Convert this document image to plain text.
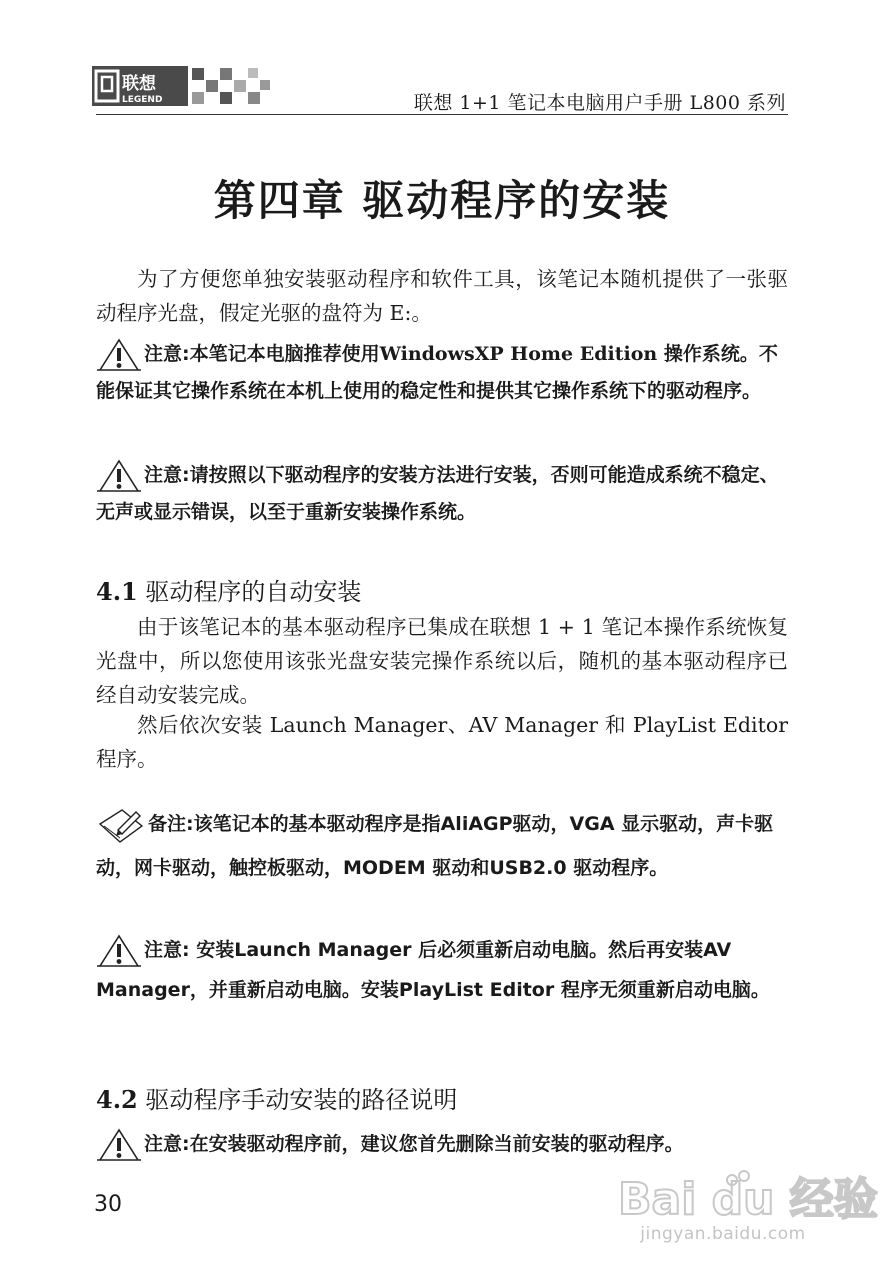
联想
LEGEND	联想 1+1 笔记本电脑用户手册 L800 系列
第四章 驱动程序的安装
为了方便您单独安装驱动程序和软件工具，该笔记本随机提供了一张驱动程序光盘，假定光驱的盘符为 E:。
注意:本笔记本电脑推荐使用WindowsXP Home Edition 操作系统。不能保证其它操作系统在本机上使用的稳定性和提供其它操作系统下的驱动程序。
注意:请按照以下驱动程序的安装方法进行安装，否则可能造成系统不稳定、无声或显示错误，以至于重新安装操作系统。
4.1 驱动程序的自动安装
由于该笔记本的基本驱动程序已集成在联想 1 + 1 笔记本操作系统恢复光盘中，所以您使用该张光盘安装完操作系统以后，随机的基本驱动程序已经自动安装完成。
然后依次安装 Launch Manager、AV Manager 和 PlayList Editor 程序。
备注:该笔记本的基本驱动程序是指AliAGP驱动，VGA 显示驱动，声卡驱动，网卡驱动，触控板驱动，MODEM 驱动和USB2.0 驱动程序。
注意: 安装Launch Manager 后必须重新启动电脑。然后再安装AV Manager，并重新启动电脑。安装PlayList Editor 程序无须重新启动电脑。
4.2 驱动程序手动安装的路径说明
注意:在安装驱动程序前，建议您首先删除当前安装的驱动程序。
30	Bai du 经验
jingyan.baidu.com
